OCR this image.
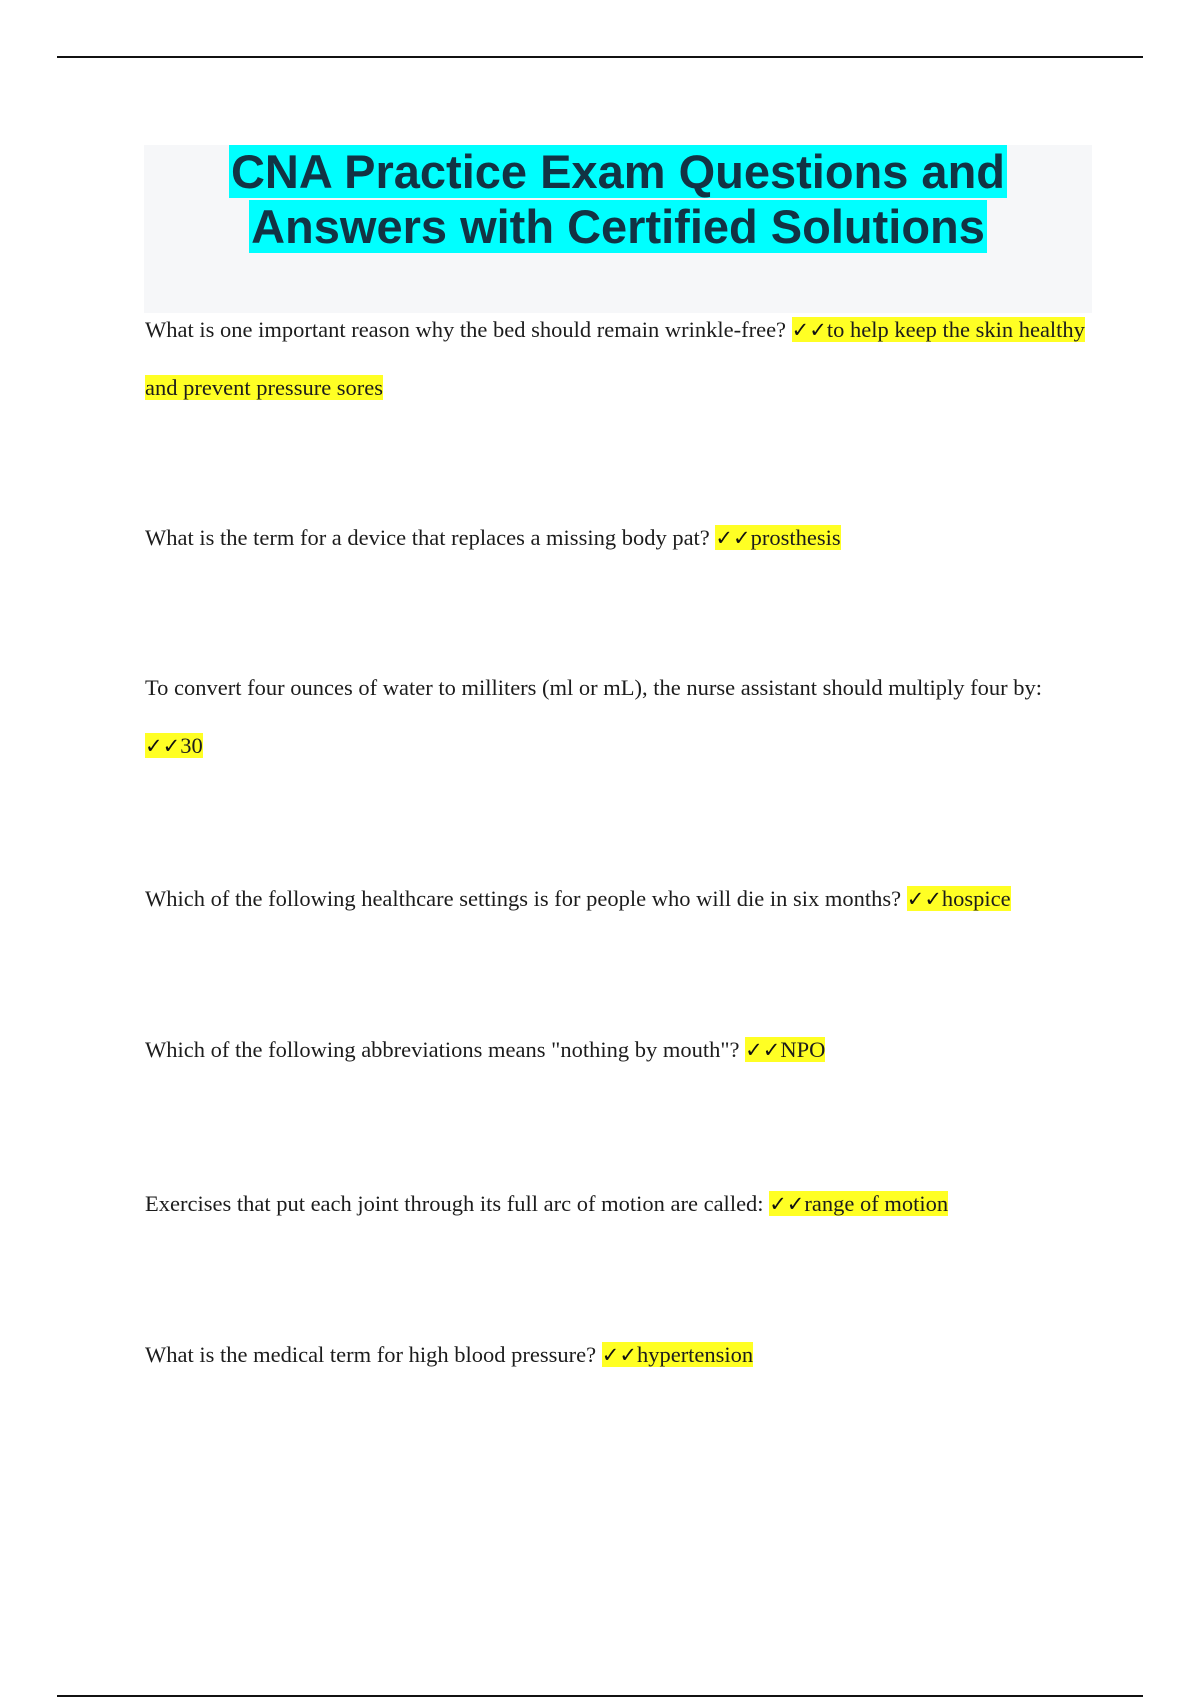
CNA Practice Exam Questions and
Answers with Certified Solutions

What is one important reason why the bed should remain wrinkle-free? ✓✓to help keep the skin healthy and prevent pressure sores

What is the term for a device that replaces a missing body pat? ✓✓prosthesis

To convert four ounces of water to milliters (ml or mL), the nurse assistant should multiply four by: ✓✓30

Which of the following healthcare settings is for people who will die in six months? ✓✓hospice

Which of the following abbreviations means "nothing by mouth"? ✓✓NPO

Exercises that put each joint through its full arc of motion are called: ✓✓range of motion

What is the medical term for high blood pressure? ✓✓hypertension
